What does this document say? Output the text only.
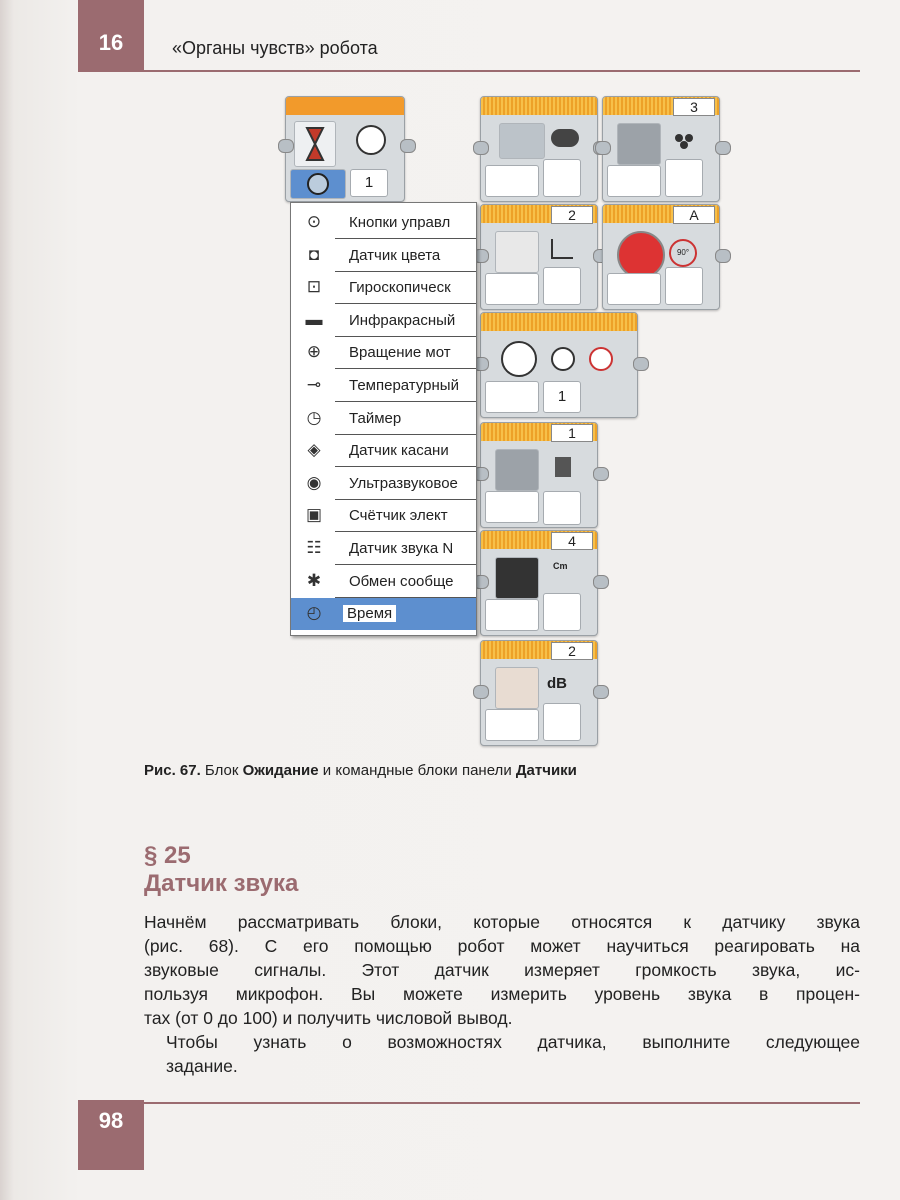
16	«Органы чувств» робота
1
3
2	A
90°
1
1
4
Cm
2
dB
⊙	Кнопки управл
◘	Датчик цвета
⊡	Гироскопическ
▬	Инфракрасный
⊕	Вращение мот
⊸	Температурный
◷	Таймер
◈	Датчик касани
◉	Ультразвуковое
▣	Счётчик элект
☷	Датчик звука N
✱	Обмен сообще
◴	Время
Рис. 67. Блок Ожидание и командные блоки панели Датчики
§ 25
Датчик звука
Начнём рассматривать блоки, которые относятся к датчику звука
(рис. 68). С его помощью робот может научиться реагировать на
звуковые сигналы. Этот датчик измеряет громкость звука, ис-
пользуя микрофон. Вы можете измерить уровень звука в процен-
тах (от 0 до 100) и получить числовой вывод.
Чтобы узнать о возможностях датчика, выполните следующее
задание.
98
